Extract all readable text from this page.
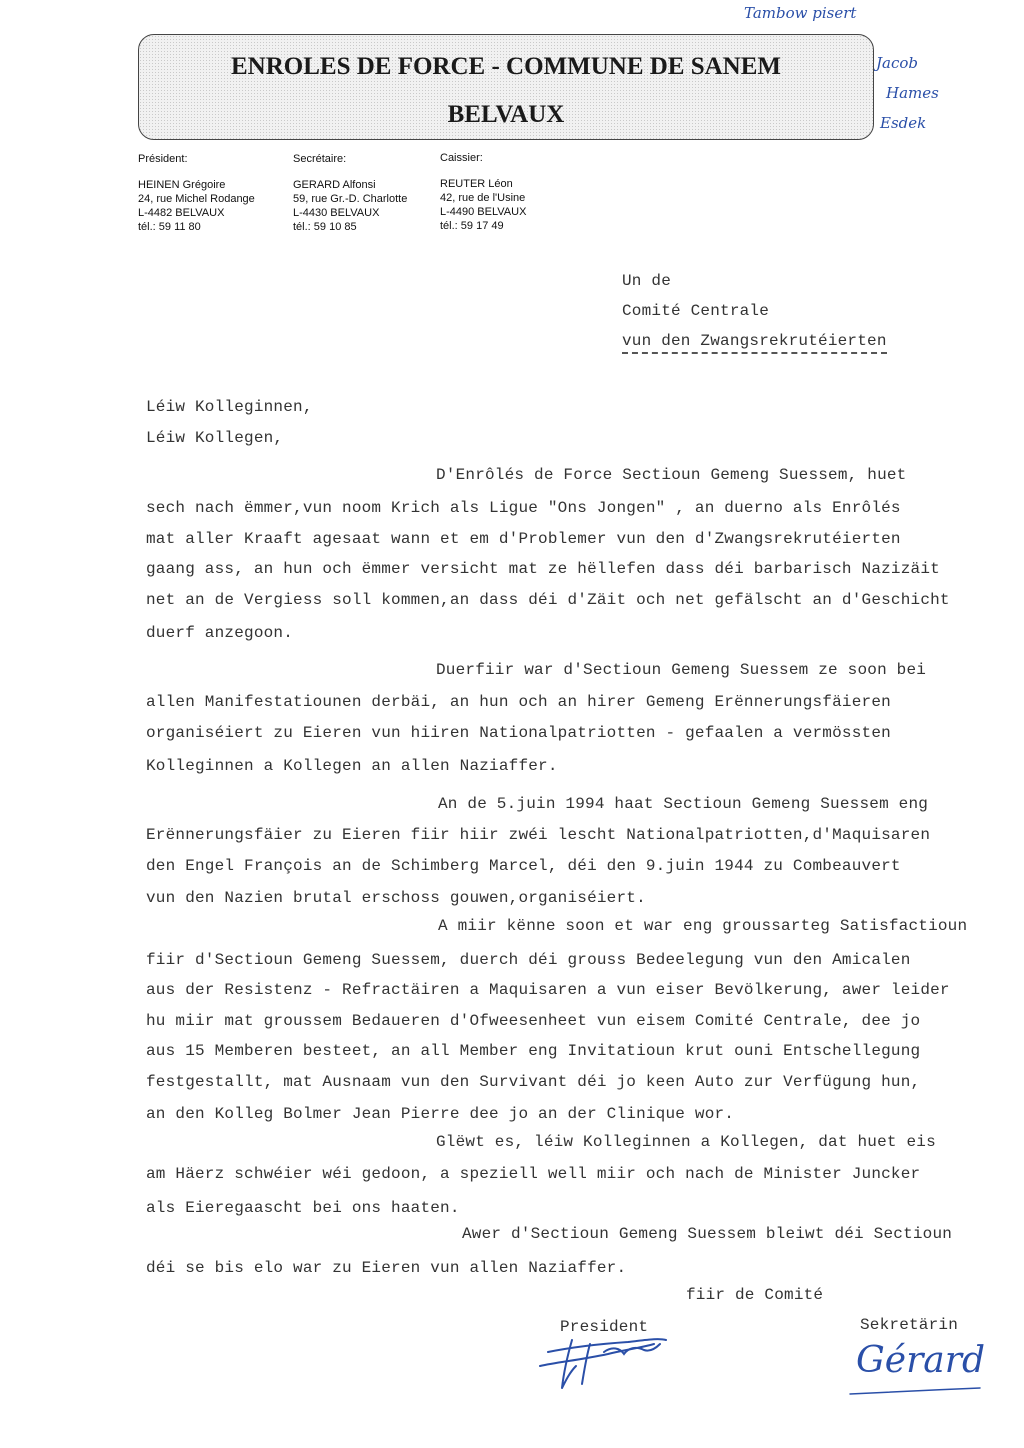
Tambow pisert
Jacob
Hames
Esdek
ENROLES DE FORCE - COMMUNE DE SANEM
BELVAUX
Président:
HEINEN Grégoire
24, rue Michel Rodange
L-4482 BELVAUX
tél.: 59 11 80
Secrétaire:
GERARD Alfonsi
59, rue Gr.-D. Charlotte
L-4430 BELVAUX
tél.: 59 10 85
Caissier:
REUTER Léon
42, rue de l'Usine
L-4490 BELVAUX
tél.: 59 17 49
Un de
Comité Centrale
vun den Zwangsrekrutéierten
Léiw Kolleginnen,
Léiw Kollegen,
D'Enrôlés de Force Sectioun Gemeng Suessem, huet
sech nach ëmmer,vun noom Krich als Ligue "Ons Jongen" , an duerno als Enrôlés
mat aller Kraaft agesaat wann et em d'Problemer vun den d'Zwangsrekrutéierten
gaang ass, an hun och ëmmer versicht mat ze hëllefen dass déi barbarisch Nazizäit
net an de Vergiess soll kommen,an dass déi d'Zäit och net gefälscht an d'Geschicht
duerf anzegoon.
Duerfiir war d'Sectioun Gemeng Suessem ze soon bei
allen Manifestatiounen derbäi, an hun och an hirer Gemeng Erënnerungsfäieren
organiséiert zu Eieren vun hiiren Nationalpatriotten - gefaalen a vermössten
Kolleginnen a Kollegen an allen Naziaffer.
An de 5.juin 1994 haat Sectioun Gemeng Suessem eng
Erënnerungsfäier zu Eieren fiir hiir zwéi lescht Nationalpatriotten,d'Maquisaren
den Engel François an de Schimberg Marcel, déi den 9.juin 1944 zu Combeauvert
vun den Nazien brutal erschoss gouwen,organiséiert.
A miir kënne soon et war eng groussarteg Satisfactioun
fiir d'Sectioun Gemeng Suessem, duerch déi grouss Bedeelegung vun den Amicalen
aus der Resistenz - Refractäiren a Maquisaren a vun eiser Bevölkerung, awer leider
hu miir mat groussem Bedaueren d'Ofweesenheet vun eisem Comité Centrale, dee jo
aus 15 Memberen besteet, an all Member eng Invitatioun krut ouni Entschellegung
festgestallt, mat Ausnaam vun den Survivant déi jo keen Auto zur Verfügung hun,
an den Kolleg Bolmer Jean Pierre dee jo an der Clinique wor.
Glëwt es, léiw Kolleginnen a Kollegen, dat huet eis
am Häerz schwéier wéi gedoon, a speziell well miir och nach de Minister Juncker
als Eieregaascht bei ons haaten.
Awer d'Sectioun Gemeng Suessem bleiwt déi Sectioun
déi se bis elo war zu Eieren vun allen Naziaffer.
fiir de Comité
President	Sekretärin
Gérard
